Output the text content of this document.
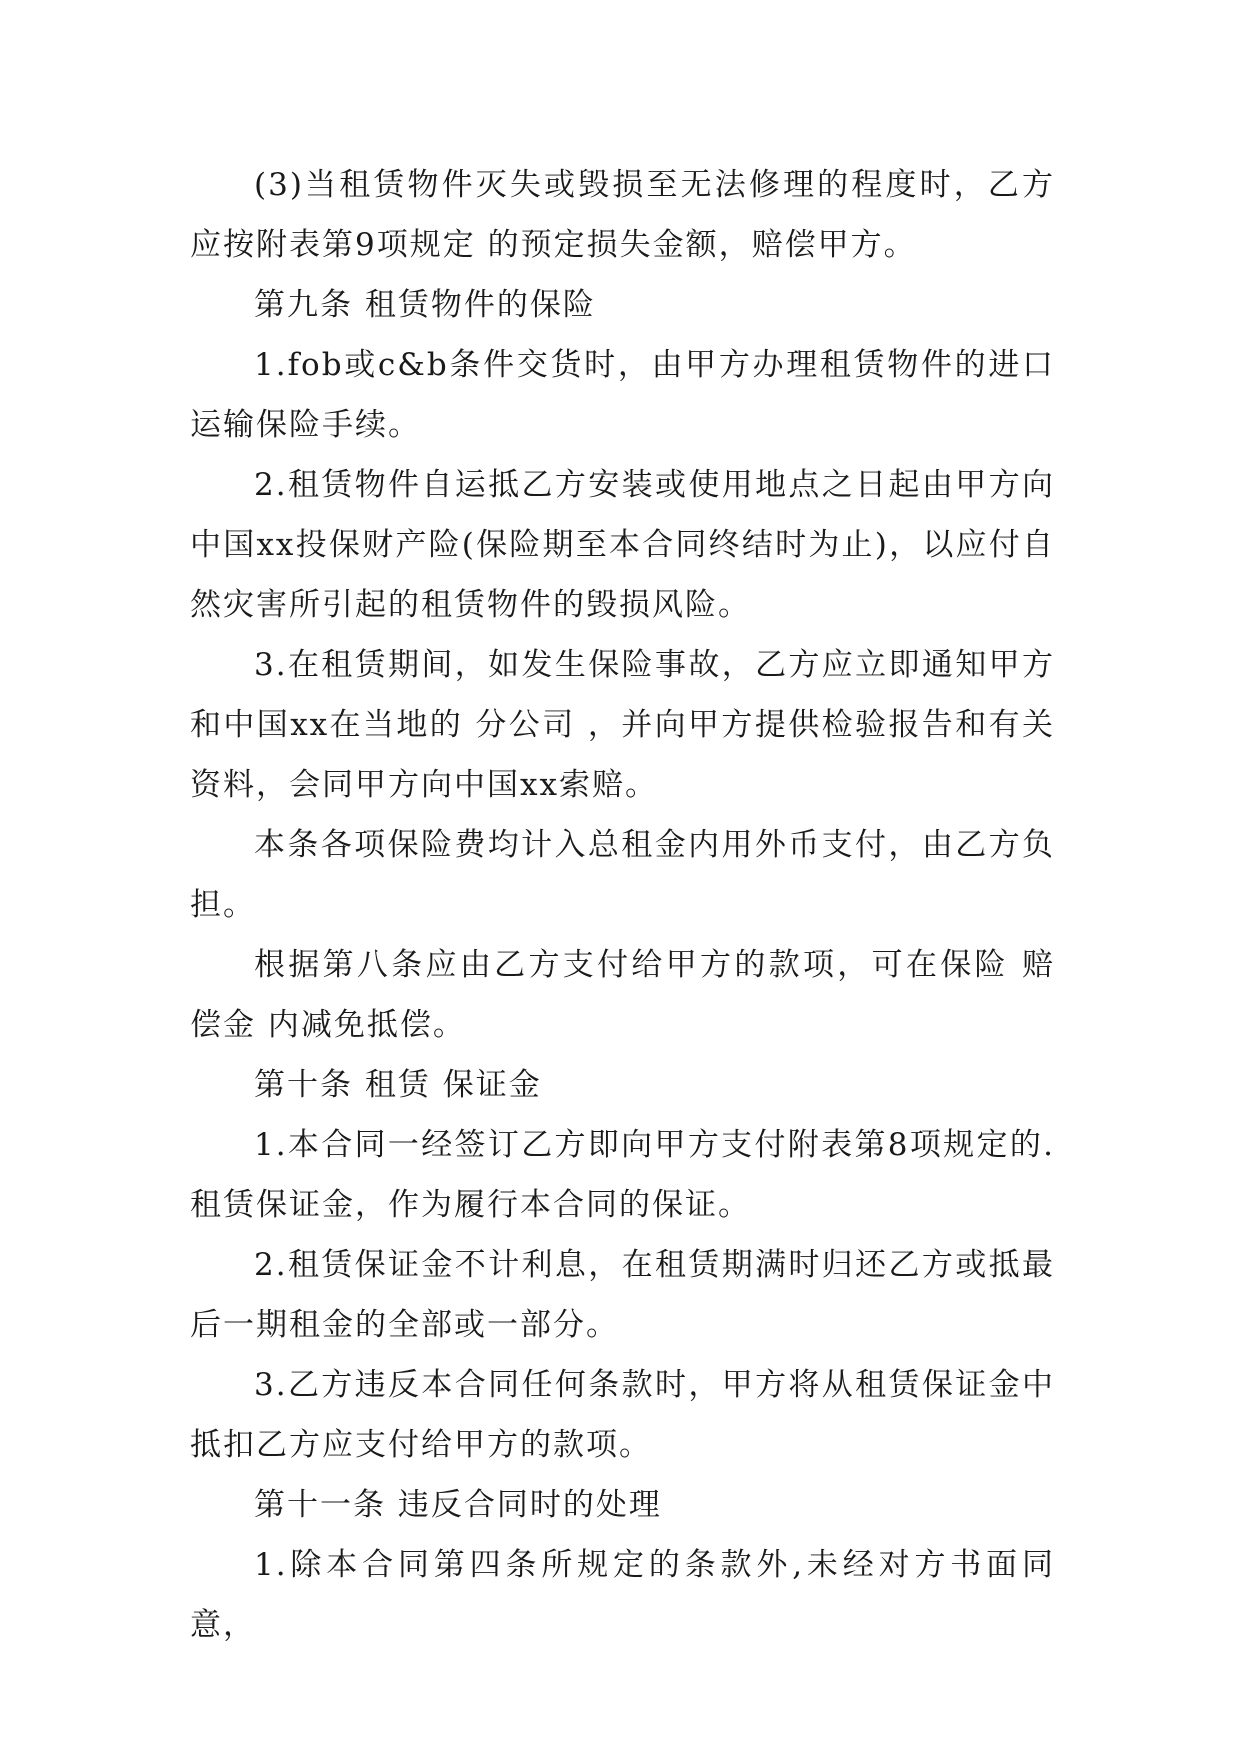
(3)当租赁物件灭失或毁损至无法修理的程度时，乙方应按附表第9项规定 的预定损失金额，赔偿甲方。

第九条 租赁物件的保险

1.fob或c&b条件交货时，由甲方办理租赁物件的进口运输保险手续。

2.租赁物件自运抵乙方安装或使用地点之日起由甲方向中国xx投保财产险(保险期至本合同终结时为止)，以应付自然灾害所引起的租赁物件的毁损风险。

3.在租赁期间，如发生保险事故，乙方应立即通知甲方和中国xx在当地的 分公司 ，并向甲方提供检验报告和有关资料，会同甲方向中国xx索赔。

本条各项保险费均计入总租金内用外币支付，由乙方负担。

根据第八条应由乙方支付给甲方的款项，可在保险 赔偿金 内减免抵偿。

第十条 租赁 保证金

1.本合同一经签订乙方即向甲方支付附表第8项规定的.租赁保证金，作为履行本合同的保证。

2.租赁保证金不计利息，在租赁期满时归还乙方或抵最后一期租金的全部或一部分。

3.乙方违反本合同任何条款时，甲方将从租赁保证金中抵扣乙方应支付给甲方的款项。

第十一条 违反合同时的处理

1.除本合同第四条所规定的条款外,未经对方书面同意，
